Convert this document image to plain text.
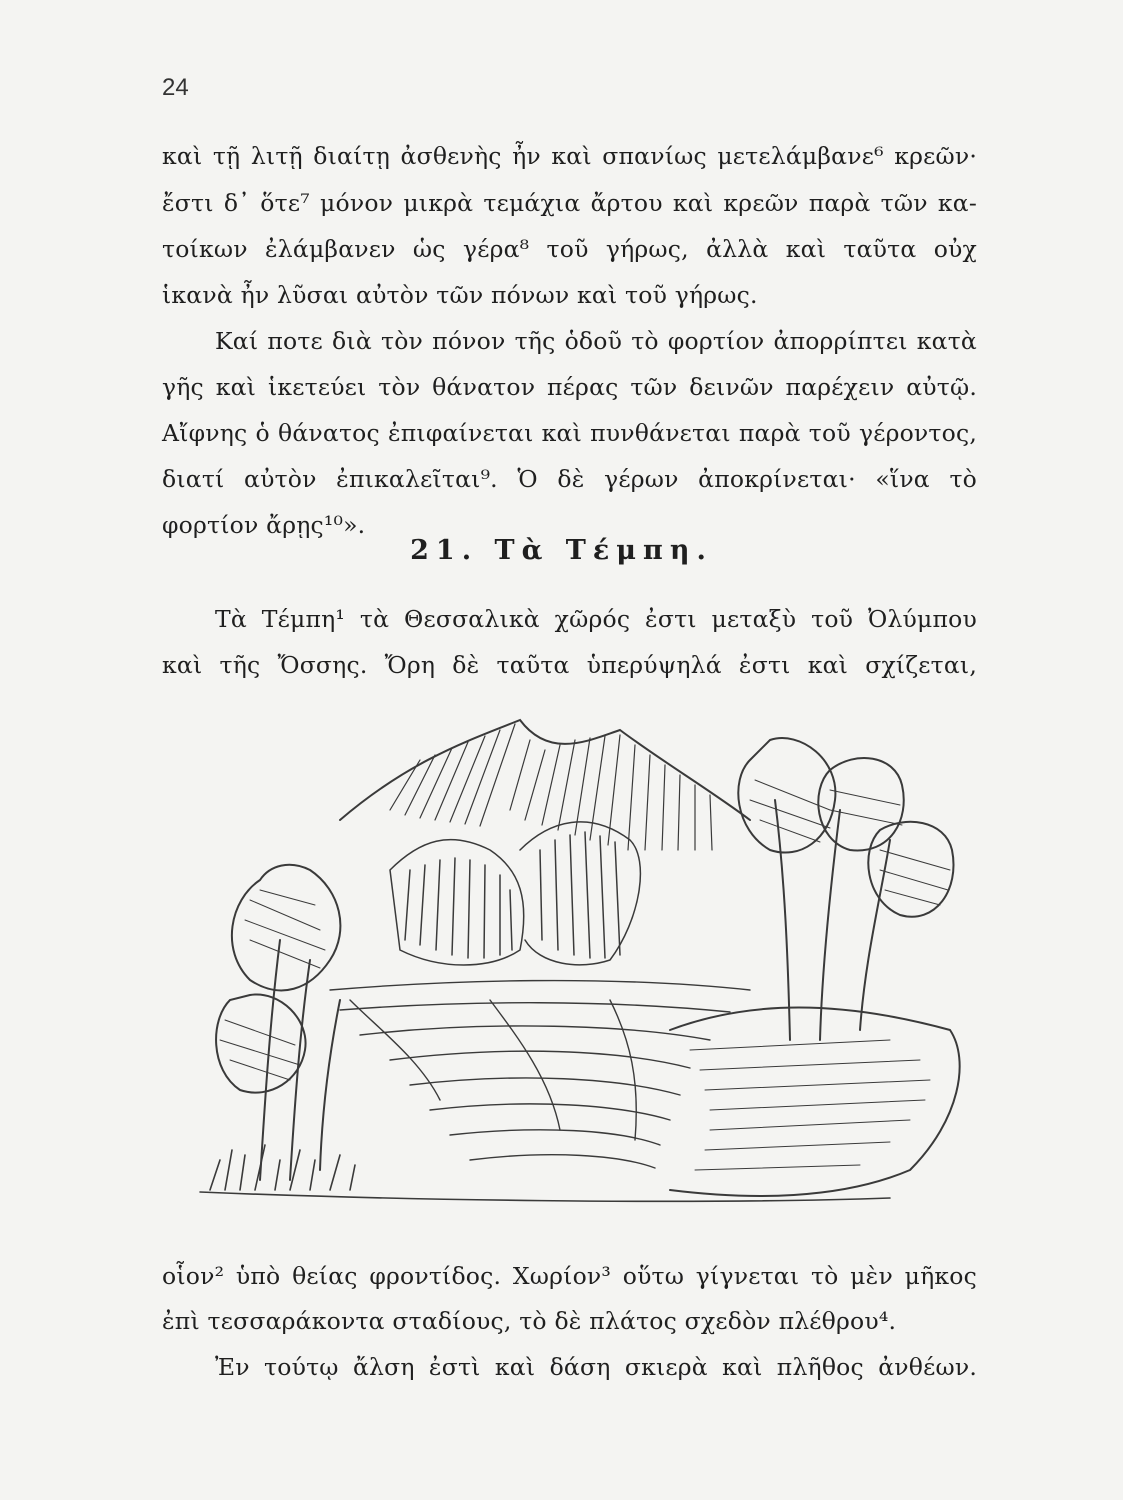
24
καὶ τῇ λιτῇ διαίτῃ ἀσθενὴς ἦν καὶ σπανίως μετελάμβανε⁶ κρεῶν·
ἔστι δ᾽ ὅτε⁷ μόνον μικρὰ τεμάχια ἄρτου καὶ κρεῶν παρὰ τῶν κα-
τοίκων ἐλάμβανεν ὡς γέρα⁸ τοῦ γήρως, ἀλλὰ καὶ ταῦτα οὐχ
ἱκανὰ ἦν λῦσαι αὐτὸν τῶν πόνων καὶ τοῦ γήρως.
Καί ποτε διὰ τὸν πόνον τῆς ὁδοῦ τὸ φορτίον ἀπορρίπτει κατὰ
γῆς καὶ ἱκετεύει τὸν θάνατον πέρας τῶν δεινῶν παρέχειν αὐτῷ.
Αἴφνης ὁ θάνατος ἐπιφαίνεται καὶ πυνθάνεται παρὰ τοῦ γέροντος,
διατί αὐτὸν ἐπικαλεῖται⁹. Ὁ δὲ γέρων ἀποκρίνεται· «ἵνα τὸ
φορτίον ἄρῃς¹⁰».
21. Τὰ Τέμπη.
Τὰ Τέμπη¹ τὰ Θεσσαλικὰ χῶρός ἐστι μεταξὺ τοῦ Ὀλύμπου
καὶ τῆς Ὄσσης. Ὄρη δὲ ταῦτα ὑπερύψηλά ἐστι καὶ σχίζεται,
οἷον² ὑπὸ θείας φροντίδος. Χωρίον³ οὕτω γίγνεται τὸ μὲν μῆκος
ἐπὶ τεσσαράκοντα σταδίους, τὸ δὲ πλάτος σχεδὸν πλέθρου⁴.
Ἐν τούτῳ ἄλση ἐστὶ καὶ δάση σκιερὰ καὶ πλῆθος ἀνθέων.
